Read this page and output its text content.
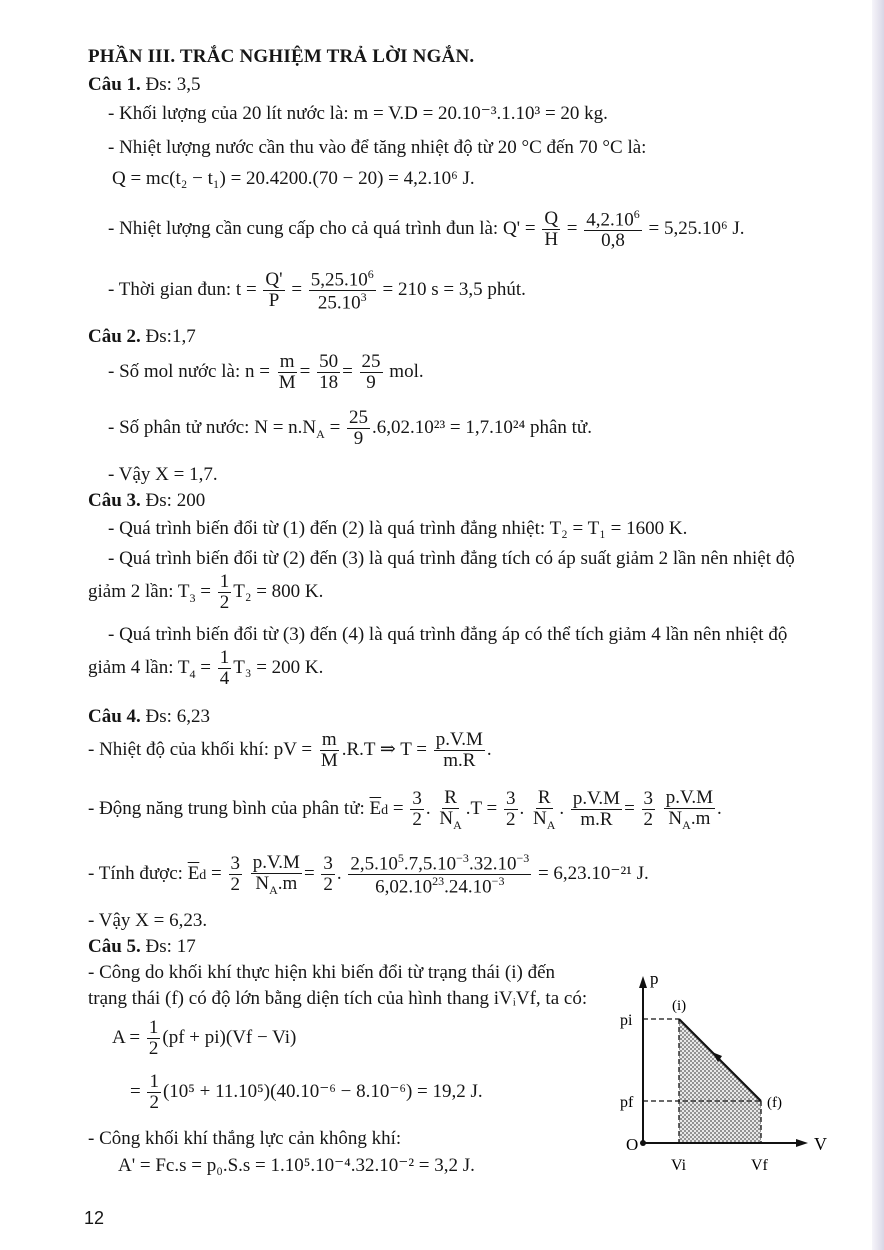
PHẦN III. TRẮC NGHIỆM TRẢ LỜI NGẮN.
Câu 1. Đs: 3,5
- Khối lượng của 20 lít nước là: m = V.D = 20.10⁻³.1.10³ = 20 kg.
- Nhiệt lượng nước cần thu vào để tăng nhiệt độ từ 20 °C đến 70 °C là:
Q = mc(t₂ − t₁) = 20.4200.(70 − 20) = 4,2.10⁶ J.
- Nhiệt lượng cần cung cấp cho cả quá trình đun là: $Q' = \frac{Q}{H} = \frac{4,2.10^6}{0,8} = 5,25.10^6$ J.
- Thời gian đun: $t = \frac{Q'}{P} = \frac{5,25.10^6}{25.10^3} = 210$ s = 3,5 phút.
Câu 2. Đs:1,7
- Số mol nước là: $n = \frac{m}{M} = \frac{50}{18} = \frac{25}{9}$ mol.
- Số phân tử nước: $N = n.N_A = \frac{25}{9} .6,02.10^{23} = 1,7.10^{24}$ phân tử.
- Vậy X = 1,7.
Câu 3. Đs: 200
- Quá trình biến đổi từ (1) đến (2) là quá trình đẳng nhiệt: T₂ = T₁ = 1600 K.
- Quá trình biến đổi từ (2) đến (3) là quá trình đẳng tích có áp suất giảm 2 lần nên nhiệt độ
giảm 2 lần: $T_3 = \frac{1}{2} T_2 = 800$ K.
- Quá trình biến đổi từ (3) đến (4) là quá trình đẳng áp có thể tích giảm 4 lần nên nhiệt độ
giảm 4 lần: $T_4 = \frac{1}{4} T_3 = 200$ K.
Câu 4. Đs: 6,23
- Nhiệt độ của khối khí: pV = $\frac{m}{M} .R.T$ ⇒ $T = \frac{p.V.M}{m.R}$ .
- Động năng trung bình của phân tử: $\overline{E}d = \frac{3}{2}$ . $\frac{R}{N_A} .T = \frac{3}{2}$ . $\frac{R}{N_A}$ . $\frac{p.V.M}{m.R} = \frac{3}{2}$
$\frac{p.V.M}{N_A.m}$ .
- Tính được: $\overline{E}d = \frac{3}{2}$
$\frac{p.V.M}{N_A.m} = \frac{3}{2}$ . $\frac{2,5.10^5.7,5.10^{-3}.32.10^{-3}}{6,02.10^{23}.24.10^{-3}} = 6,23.10^{-21}$ J.
- Vậy X = 6,23.
Câu 5. Đs: 17
- Công do khối khí thực hiện khi biến đổi từ trạng thái (i) đến
trạng thái (f) có độ lớn bằng diện tích của hình thang iVᵢVf, ta có:
$A = \frac{1}{2} (pf + pi)(Vf - Vi)$
= $\frac{1}{2} (10^5 + 11.10^5)(40.10^{-6} - 8.10^{-6}) = 19,2$ J.
- Công khối khí thắng lực cản không khí:
A' = Fc.s = p₀.S.s = 1.10⁵.10⁻⁴.32.10⁻² = 3,2 J.
p
V
O
pi
pf
Vi	Vf
(i)
(f)
12
